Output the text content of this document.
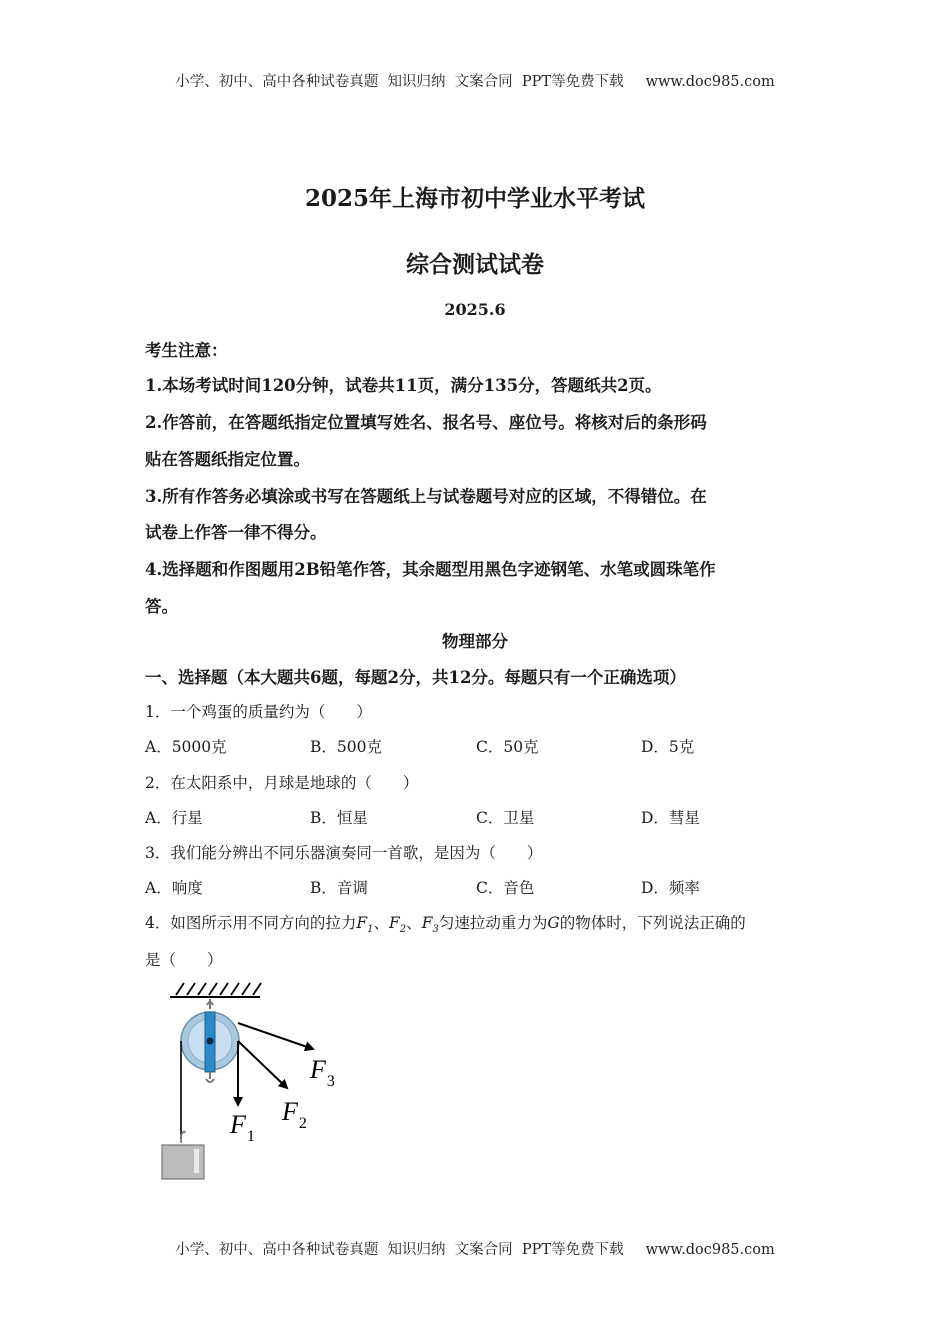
小学、初中、高中各种试卷真题  知识归纳  文案合同  PPT等免费下载 www.doc985.com
2025年上海市初中学业水平考试
综合测试试卷
2025.6
考生注意：
1.本场考试时间120分钟，试卷共11页，满分135分，答题纸共2页。
2.作答前，在答题纸指定位置填写姓名、报名号、座位号。将核对后的条形码
贴在答题纸指定位置。
3.所有作答务必填涂或书写在答题纸上与试卷题号对应的区域，不得错位。在
试卷上作答一律不得分。
4.选择题和作图题用2B铅笔作答，其余题型用黑色字迹钢笔、水笔或圆珠笔作
答。
物理部分
一、选择题（本大题共6题，每题2分，共12分。每题只有一个正确选项）
1．一个鸡蛋的质量约为（　　）
A．5000克	B．500克	C．50克	D．5克
2．在太阳系中，月球是地球的（　　）
A．行星	B．恒星	C．卫星	D．彗星
3．我们能分辨出不同乐器演奏同一首歌，是因为（　　）
A．响度	B．音调	C．音色	D．频率
4．如图所示用不同方向的拉力$F_1$、$F_2$、$F_3$匀速拉动重力为G的物体时，下列说法正确的
是（　　）
$F_1$
$F_2$
$F_3$
小学、初中、高中各种试卷真题  知识归纳  文案合同  PPT等免费下载 www.doc985.com
